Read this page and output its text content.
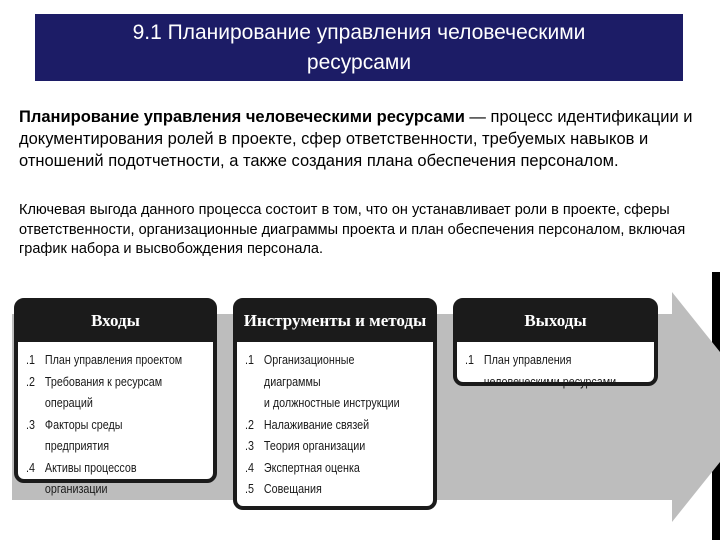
9.1 Планирование управления человеческими ресурсами
Планирование управления человеческими ресурсами — процесс идентификации и документирования ролей в проекте, сфер ответственности, требуемых навыков и отношений подотчетности, а также создания плана обеспечения персоналом.
Ключевая выгода данного процесса состоит в том, что он устанавливает роли в проекте, сферы ответственности, организационные диаграммы проекта и план обеспечения персоналом, включая график набора и высвобождения персонала.
Входы
.1 План управления проектом
.2 Требования к ресурсам
операций
.3 Факторы среды предприятия
.4 Активы процессов организации
Инструменты и методы
.1 Организационные диаграммы
и должностные инструкции
.2 Налаживание связей
.3 Теория организации
.4 Экспертная оценка
.5 Совещания
Выходы
.1 План управления
человеческими ресурсами
